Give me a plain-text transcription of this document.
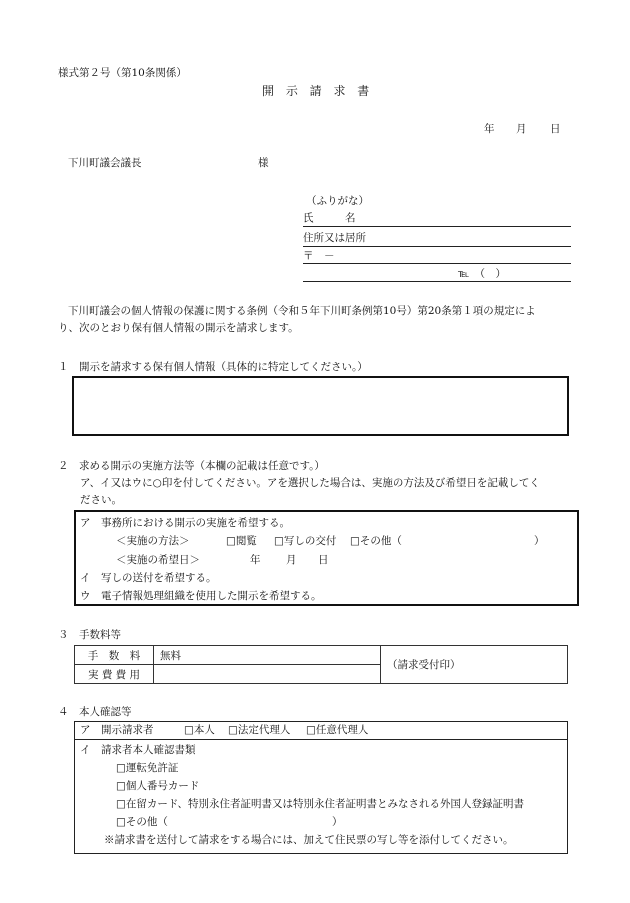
様式第２号（第10条関係）
開 示 請 求 書
年 月 日
下川町議会議長	様
（ふりがな）
氏　　　名
住所又は居所
〒　－
℡　（　）
下川町議会の個人情報の保護に関する条例（令和５年下川町条例第10号）第20条第１項の規定によ
り、次のとおり保有個人情報の開示を請求します。
１　開示を請求する保有個人情報（具体的に特定してください。）
２　求める開示の実施方法等（本欄の記載は任意です。）
ア、イ又はウに○印を付してください。アを選択した場合は、実施の方法及び希望日を記載してく
ださい。
ア　事務所における開示の実施を希望する。
＜実施の方法＞	□閲覧 □写しの交付 □その他（	）
＜実施の希望日＞	年 月 日
イ　写しの送付を希望する。
ウ　電子情報処理組織を使用した開示を希望する。
３　手数料等
手　数　料	無料	（請求受付印）
実 費 費 用		
４　本人確認等
ア　開示請求者	□本人 □法定代理人 □任意代理人
イ　請求者本人確認書類
□運転免許証
□個人番号カード
□在留カード、特別永住者証明書又は特別永住者証明書とみなされる外国人登録証明書
□その他（	）
※請求書を送付して請求をする場合には、加えて住民票の写し等を添付してください。
